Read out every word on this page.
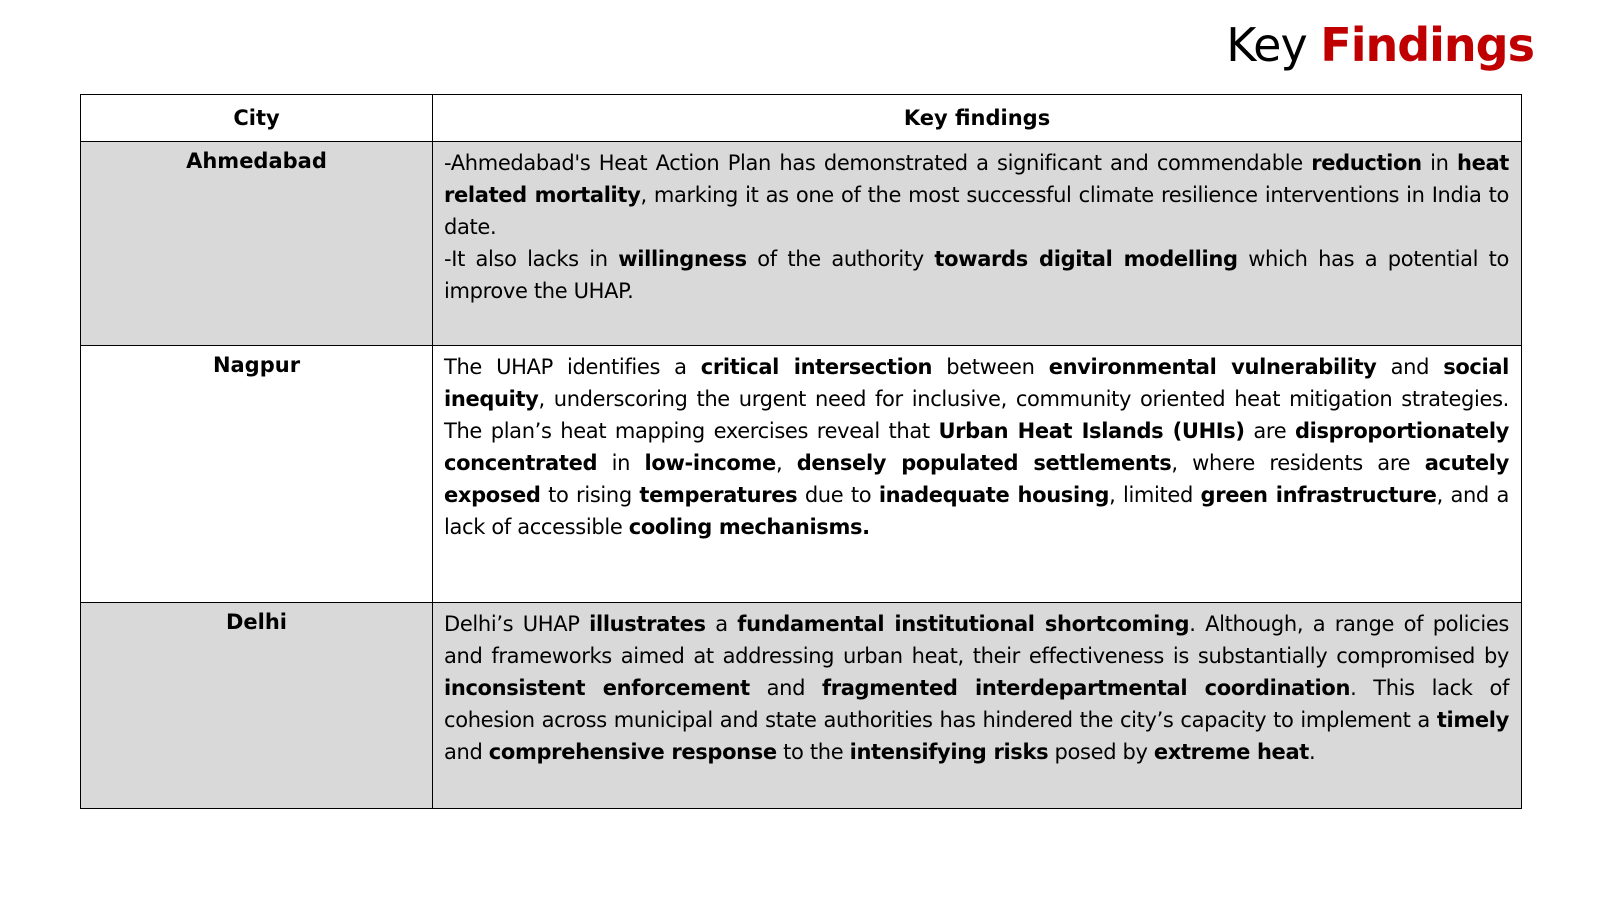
Key Findings
City	Key findings
Ahmedabad	-Ahmedabad's Heat Action Plan has demonstrated a significant and commendable reduction in heat related mortality, marking it as one of the most successful climate resilience interventions in India to date.
-It also lacks in willingness of the authority towards digital modelling which has a potential to improve the UHAP.

Nagpur	The UHAP identifies a critical intersection between environmental vulnerability and social inequity, underscoring the urgent need for inclusive, community oriented heat mitigation strategies. The plan’s heat mapping exercises reveal that Urban Heat Islands (UHIs) are disproportionately concentrated in low-income, densely populated settlements, where residents are acutely exposed to rising temperatures due to inadequate housing, limited green infrastructure, and a lack of accessible cooling mechanisms.

Delhi	Delhi’s UHAP illustrates a fundamental institutional shortcoming. Although, a range of policies and frameworks aimed at addressing urban heat, their effectiveness is substantially compromised by inconsistent enforcement and fragmented interdepartmental coordination. This lack of cohesion across municipal and state authorities has hindered the city’s capacity to implement a timely and comprehensive response to the intensifying risks posed by extreme heat.
